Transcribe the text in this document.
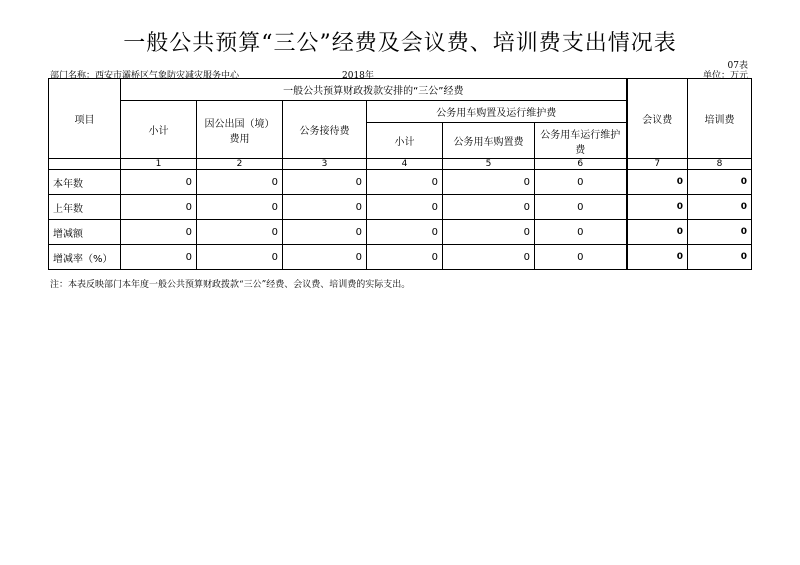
一般公共预算“三公”经费及会议费、培训费支出情况表
07表
部门名称：西安市灞桥区气象防灾减灾服务中心	2018年	单位：万元
项目	一般公共预算财政拨款安排的“三公”经费						会议费	培训费
	小计	因公出国（境）费用	公务接待费	公务用车购置及运行维护费				
				小计	公务用车购置费	公务用车运行维护费		
	1	2	3	4	5	6	7	8
本年数	0	0	0	0	0	0	0	0
上年数	0	0	0	0	0	0	0	0
增减额	0	0	0	0	0	0	0	0
增减率（%）	0	0	0	0	0	0	0	0
注：本表反映部门本年度一般公共预算财政拨款“三公”经费、会议费、培训费的实际支出。
